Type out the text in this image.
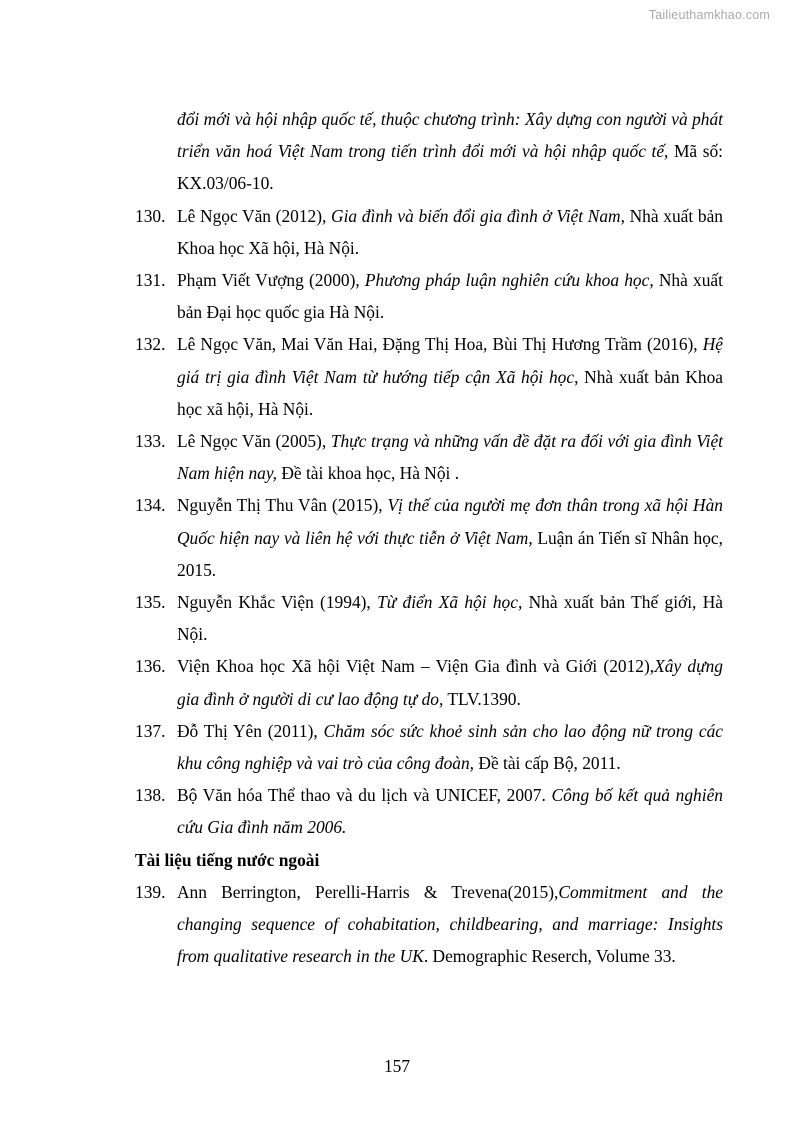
Tailieuthamkhao.com

đổi mới và hội nhập quốc tế, thuộc chương trình: Xây dựng con người và phát triển văn hoá Việt Nam trong tiến trình đổi mới và hội nhập quốc tế, Mã số: KX.03/06-10.

130. Lê Ngọc Văn (2012), Gia đình và biến đổi gia đình ở Việt Nam, Nhà xuất bản Khoa học Xã hội, Hà Nội.

131. Phạm Viết Vượng (2000), Phương pháp luận nghiên cứu khoa học, Nhà xuất bản Đại học quốc gia Hà Nội.

132. Lê Ngọc Văn, Mai Văn Hai, Đặng Thị Hoa, Bùi Thị Hương Trầm (2016), Hệ giá trị gia đình Việt Nam từ hướng tiếp cận Xã hội học, Nhà xuất bản Khoa học xã hội, Hà Nội.

133. Lê Ngọc Văn (2005), Thực trạng và những vấn đề đặt ra đối với gia đình Việt Nam hiện nay, Đề tài khoa học, Hà Nội .

134. Nguyễn Thị Thu Vân (2015), Vị thế của người mẹ đơn thân trong xã hội Hàn Quốc hiện nay và liên hệ với thực tiễn ở Việt Nam, Luận án Tiến sĩ Nhân học, 2015.

135. Nguyễn Khắc Viện (1994), Từ điển Xã hội học, Nhà xuất bản Thế giới, Hà Nội.

136. Viện Khoa học Xã hội Việt Nam – Viện Gia đình và Giới (2012),Xây dựng gia đình ở người di cư lao động tự do, TLV.1390.

137. Đỗ Thị Yên (2011), Chăm sóc sức khoẻ sinh sản cho lao động nữ trong các khu công nghiệp và vai trò của công đoàn, Đề tài cấp Bộ, 2011.

138. Bộ Văn hóa Thể thao và du lịch và UNICEF, 2007. Công bố kết quả nghiên cứu Gia đình năm 2006.

Tài liệu tiếng nước ngoài

139. Ann Berrington, Perelli-Harris & Trevena(2015),Commitment and the changing sequence of cohabitation, childbearing, and marriage: Insights from qualitative research in the UK. Demographic Reserch, Volume 33.

157
